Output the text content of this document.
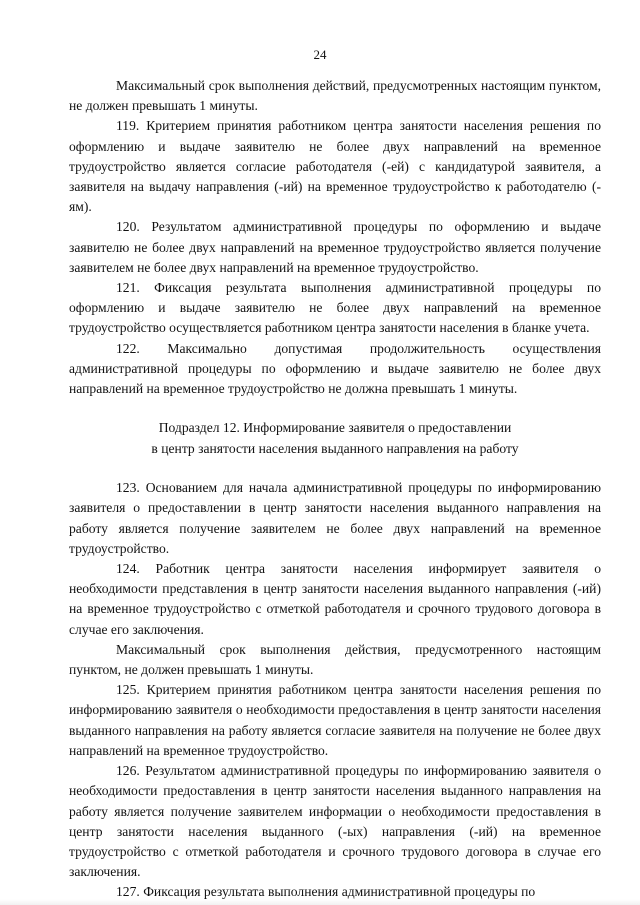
24

Максимальный срок выполнения действий, предусмотренных настоящим пунктом, не должен превышать 1 минуты.

119. Критерием принятия работником центра занятости населения решения по оформлению и выдаче заявителю не более двух направлений на временное трудоустройство является согласие работодателя (-ей) с кандидатурой заявителя, а заявителя на выдачу направления (-ий) на временное трудоустройство к работодателю (-ям).

120. Результатом административной процедуры по оформлению и выдаче заявителю не более двух направлений на временное трудоустройство является получение заявителем не более двух направлений на временное трудоустройство.

121. Фиксация результата выполнения административной процедуры по оформлению и выдаче заявителю не более двух направлений на временное трудоустройство осуществляется работником центра занятости населения в бланке учета.

122. Максимально допустимая продолжительность осуществления административной процедуры по оформлению и выдаче заявителю не более двух направлений на временное трудоустройство не должна превышать 1 минуты.

Подраздел 12. Информирование заявителя о предоставлении

в центр занятости населения выданного направления на работу

123. Основанием для начала административной процедуры по информированию заявителя о предоставлении в центр занятости населения выданного направления на работу является получение заявителем не более двух направлений на временное трудоустройство.

124. Работник центра занятости населения информирует заявителя о необходимости представления в центр занятости населения выданного направления (-ий) на временное трудоустройство с отметкой работодателя и срочного трудового договора в случае его заключения.

Максимальный срок выполнения действия, предусмотренного настоящим пунктом, не должен превышать 1 минуты.

125. Критерием принятия работником центра занятости населения решения по информированию заявителя о необходимости предоставления в центр занятости населения выданного направления на работу является согласие заявителя на получение не более двух направлений на временное трудоустройство.

126. Результатом административной процедуры по информированию заявителя о необходимости предоставления в центр занятости населения выданного направления на работу является получение заявителем информации о необходимости предоставления в центр занятости населения выданного (-ых) направления (-ий) на временное трудоустройство с отметкой работодателя и срочного трудового договора в случае его заключения.

127. Фиксация результата выполнения административной процедуры по
